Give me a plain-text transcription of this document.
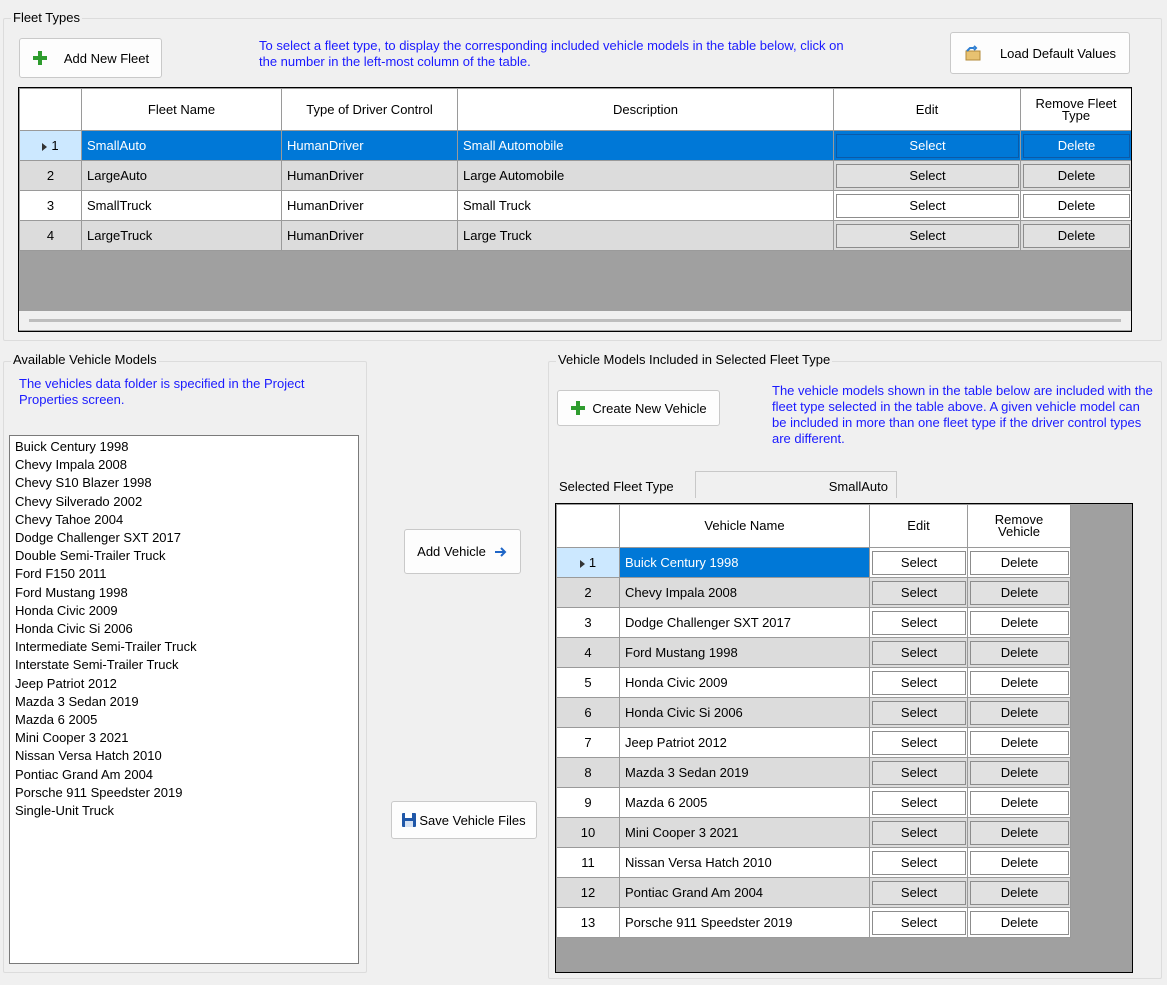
Fleet Types
Add New Fleet
To select a fleet type, to display the corresponding included vehicle models in the table below, click on the number in the left-most column of the table.
Load Default Values
	Fleet Name	Type of Driver Control	Description	Edit	Remove Fleet Type
1	SmallAuto	HumanDriver	Small Automobile	Select	Delete

2	LargeAuto	HumanDriver	Large Automobile	Select	Delete

3	SmallTruck	HumanDriver	Small Truck	Select	Delete

4	LargeTruck	HumanDriver	Large Truck	Select	Delete
Available Vehicle Models
The vehicles data folder is specified in the Project Properties screen.
Buick Century 1998
Chevy Impala 2008
Chevy S10 Blazer 1998
Chevy Silverado 2002
Chevy Tahoe 2004
Dodge Challenger SXT 2017
Double Semi-Trailer Truck
Ford F150 2011
Ford Mustang 1998
Honda Civic 2009
Honda Civic Si 2006
Intermediate Semi-Trailer Truck
Interstate Semi-Trailer Truck
Jeep Patriot 2012
Mazda 3 Sedan 2019
Mazda 6 2005
Mini Cooper 3 2021
Nissan Versa Hatch 2010
Pontiac Grand Am 2004
Porsche 911 Speedster 2019
Single-Unit Truck
Add Vehicle
Save Vehicle Files
Vehicle Models Included in Selected Fleet Type
Create New Vehicle
The vehicle models shown in the table below are included with the fleet type selected in the table above. A given vehicle model can be included in more than one fleet type if the driver control types are different.
Selected Fleet Type	SmallAuto
	Vehicle Name	Edit	Remove Vehicle
1	Buick Century 1998	Select	Delete

2	Chevy Impala 2008	Select	Delete

3	Dodge Challenger SXT 2017	Select	Delete

4	Ford Mustang 1998	Select	Delete

5	Honda Civic 2009	Select	Delete

6	Honda Civic Si 2006	Select	Delete

7	Jeep Patriot 2012	Select	Delete

8	Mazda 3 Sedan 2019	Select	Delete

9	Mazda 6 2005	Select	Delete

10	Mini Cooper 3 2021	Select	Delete

11	Nissan Versa Hatch 2010	Select	Delete

12	Pontiac Grand Am 2004	Select	Delete

13	Porsche 911 Speedster 2019	Select	Delete
